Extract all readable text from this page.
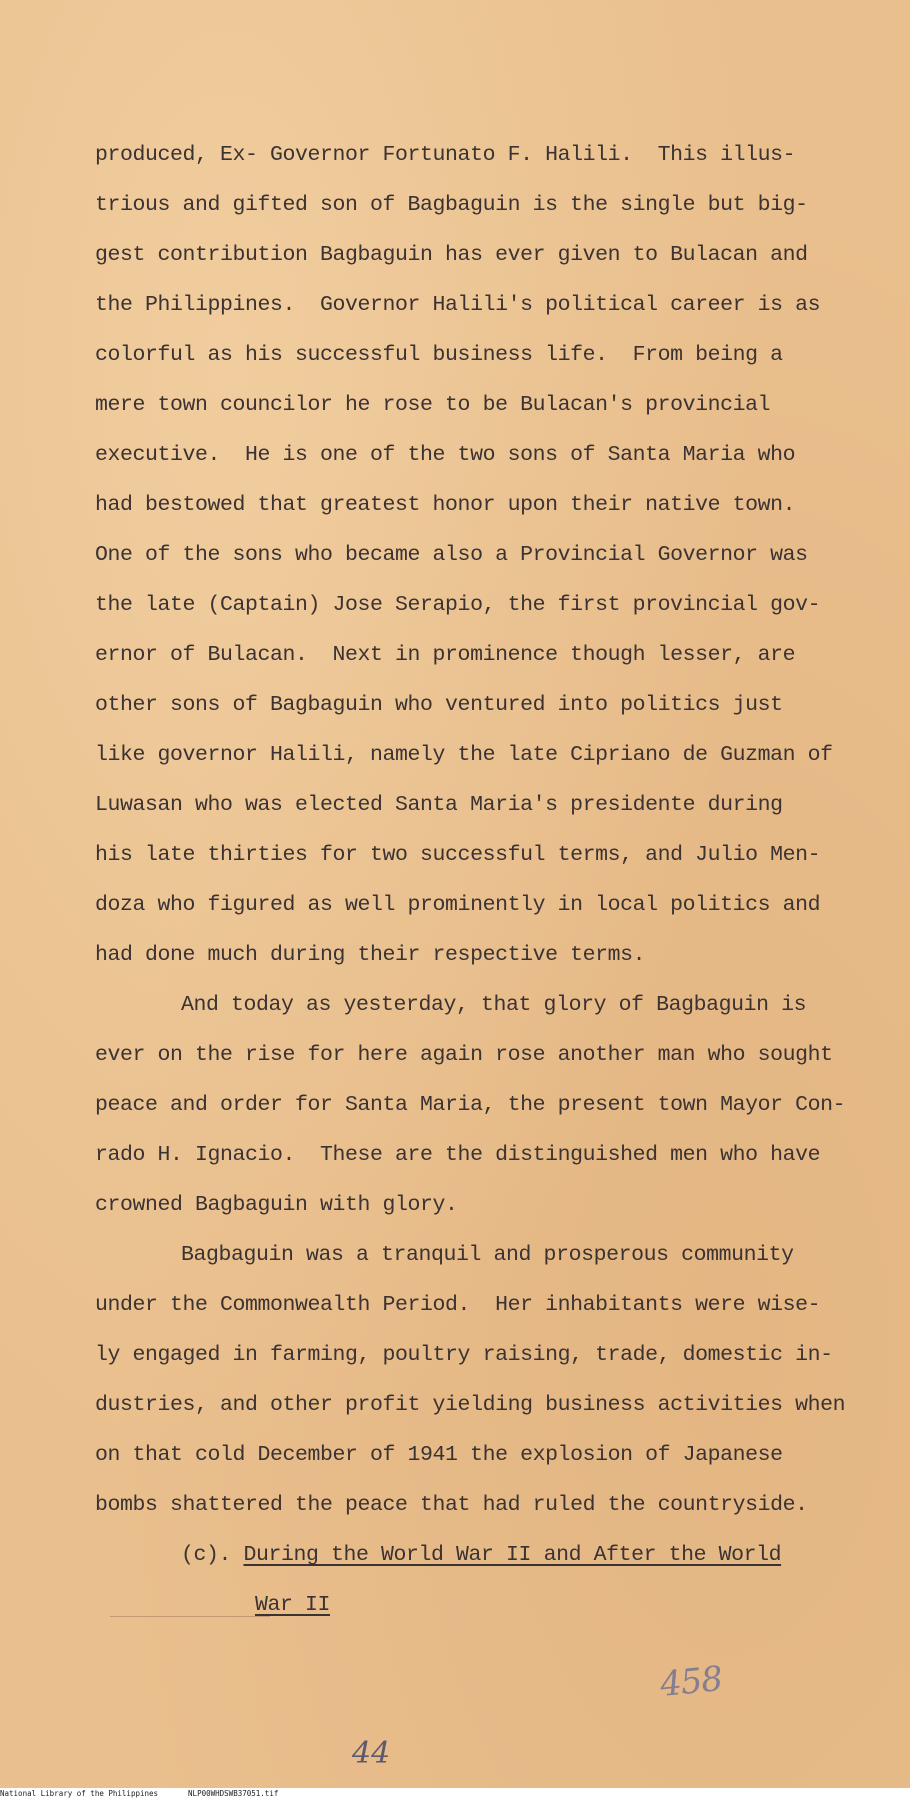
produced, Ex- Governor Fortunato F. Halili.  This illus-
trious and gifted son of Bagbaguin is the single but big-
gest contribution Bagbaguin has ever given to Bulacan and
the Philippines.  Governor Halili's political career is as
colorful as his successful business life.  From being a
mere town councilor he rose to be Bulacan's provincial
executive.  He is one of the two sons of Santa Maria who
had bestowed that greatest honor upon their native town.
One of the sons who became also a Provincial Governor was
the late (Captain) Jose Serapio, the first provincial gov-
ernor of Bulacan.  Next in prominence though lesser, are
other sons of Bagbaguin who ventured into politics just
like governor Halili, namely the late Cipriano de Guzman of
Luwasan who was elected Santa Maria's presidente during
his late thirties for two successful terms, and Julio Men-
doza who figured as well prominently in local politics and
had done much during their respective terms.
And today as yesterday, that glory of Bagbaguin is
ever on the rise for here again rose another man who sought
peace and order for Santa Maria, the present town Mayor Con-
rado H. Ignacio.  These are the distinguished men who have
crowned Bagbaguin with glory.
Bagbaguin was a tranquil and prosperous community
under the Commonwealth Period.  Her inhabitants were wise-
ly engaged in farming, poultry raising, trade, domestic in-
dustries, and other profit yielding business activities when
on that cold December of 1941 the explosion of Japanese
bombs shattered the peace that had ruled the countryside.
(c). During the World War II and After the World
War II
458
44
National Library of the Philippines	NLP00WHDSWB37051.tif
